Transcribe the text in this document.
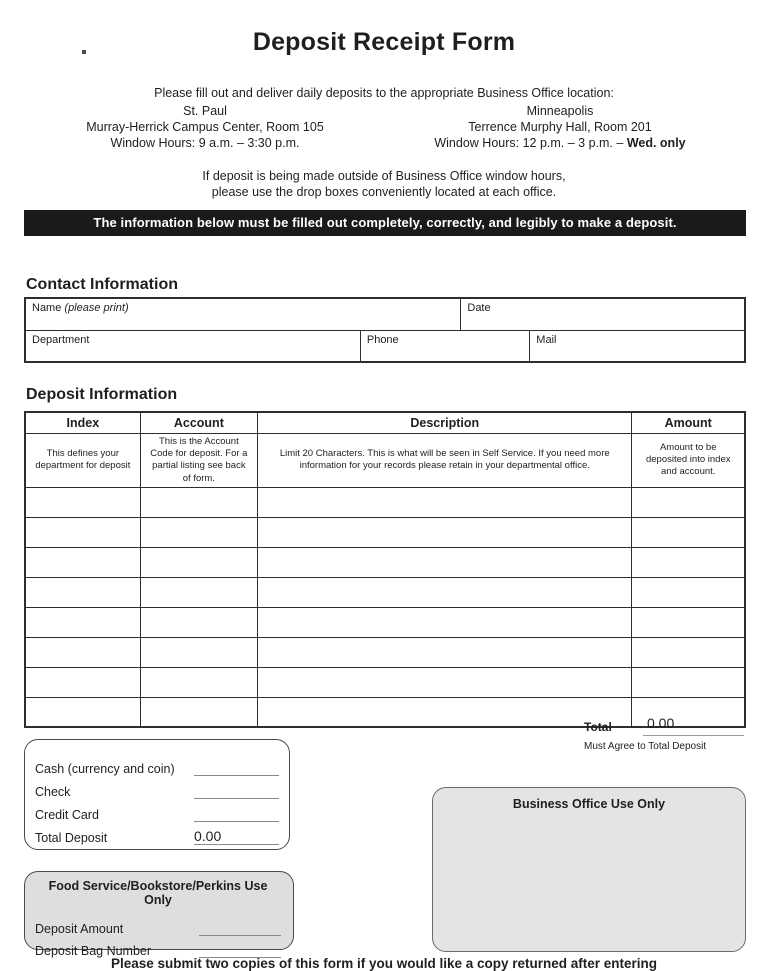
Deposit Receipt Form
Please fill out and deliver daily deposits to the appropriate Business Office location:
St. Paul
Murray-Herrick Campus Center, Room 105
Window Hours: 9 a.m. – 3:30 p.m.
Minneapolis
Terrence Murphy Hall, Room 201
Window Hours: 12 p.m. – 3 p.m. – Wed. only
If deposit is being made outside of Business Office window hours,
please use the drop boxes conveniently located at each office.
The information below must be filled out completely, correctly, and legibly to make a deposit.
Contact Information
Name (please print)	Date
Department	Phone	Mail
Deposit Information
Index	Account	Description	Amount
This defines your department for deposit	This is the Account Code for deposit. For a partial listing see back of form.	Limit 20 Characters. This is what will be seen in Self Service. If you need more information for your records please retain in your departmental office.	Amount to be deposited into index and account.

Total	0.00
Must Agree to Total Deposit
Cash (currency and coin)
Check
Credit Card
Total Deposit	0.00
Food Service/Bookstore/Perkins Use Only
Deposit Amount
Deposit Bag Number
Business Office Use Only
Please submit two copies of this form if you would like a copy returned after entering
